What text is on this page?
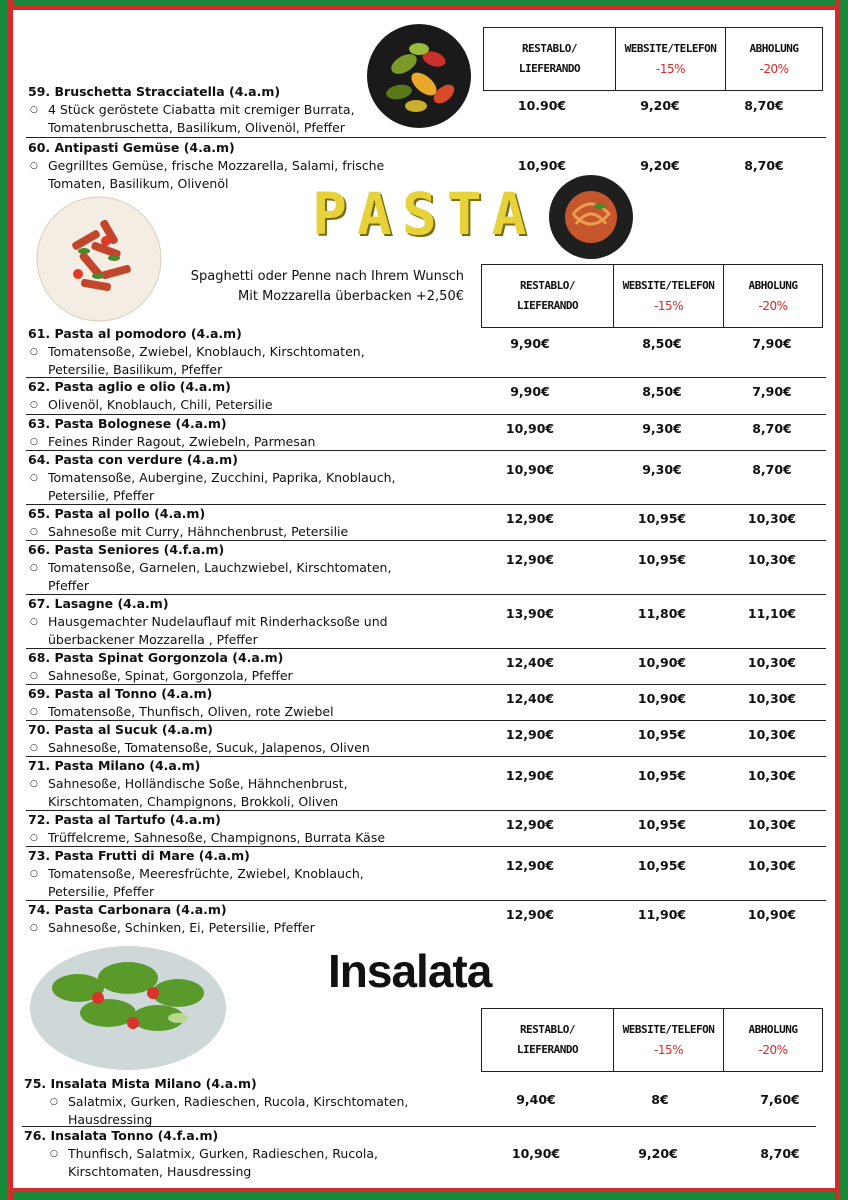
RESTABLO/
LIEFERANDO
WEBSITE/TELEFON
-15%
ABHOLUNG
-20%
59. Bruschetta Stracciatella (4.a.m)
○ 4 Stück geröstete Ciabatta mit cremiger Burrata, Tomatenbruschetta, Basilikum, Olivenöl, Pfeffer
10.90€	9,20€	8,70€
60. Antipasti Gemüse (4.a.m)
○ Gegrilltes Gemüse, frische Mozzarella, Salami, frische Tomaten, Basilikum, Olivenöl
10,90€	9,20€	8,70€
PASTA
Spaghetti oder Penne nach Ihrem Wunsch
Mit Mozzarella überbacken +2,50€
RESTABLO/
LIEFERANDO
WEBSITE/TELEFON
-15%
ABHOLUNG
-20%
61. Pasta al pomodoro (4.a.m)
○ Tomatensoße, Zwiebel, Knoblauch, Kirschtomaten, Petersilie, Basilikum, Pfeffer
9,90€	8,50€	7,90€
62. Pasta aglio e olio (4.a.m)
○ Olivenöl, Knoblauch, Chili, Petersilie
9,90€	8,50€	7,90€
63. Pasta Bolognese (4.a.m)
○ Feines Rinder Ragout, Zwiebeln, Parmesan
10,90€	9,30€	8,70€
64. Pasta con verdure (4.a.m)
○ Tomatensoße, Aubergine, Zucchini, Paprika, Knoblauch, Petersilie, Pfeffer
10,90€	9,30€	8,70€
65. Pasta al pollo (4.a.m)
○ Sahnesoße mit Curry, Hähnchenbrust, Petersilie
12,90€	10,95€	10,30€
66. Pasta Seniores (4.f.a.m)
○ Tomatensoße, Garnelen, Lauchzwiebel, Kirschtomaten, Pfeffer
12,90€	10,95€	10,30€
67. Lasagne (4.a.m)
○ Hausgemachter Nudelauflauf mit Rinderhacksoße und überbackener Mozzarella , Pfeffer
13,90€	11,80€	11,10€
68. Pasta Spinat Gorgonzola (4.a.m)
○ Sahnesoße, Spinat, Gorgonzola, Pfeffer
12,40€	10,90€	10,30€
69. Pasta al Tonno (4.a.m)
○ Tomatensoße, Thunfisch, Oliven, rote Zwiebel
12,40€	10,90€	10,30€
70. Pasta al Sucuk (4.a.m)
○ Sahnesoße, Tomatensoße, Sucuk, Jalapenos, Oliven
12,90€	10,95€	10,30€
71. Pasta Milano (4.a.m)
○ Sahnesoße, Holländische Soße, Hähnchenbrust, Kirschtomaten, Champignons, Brokkoli, Oliven
12,90€	10,95€	10,30€
72. Pasta al Tartufo (4.a.m)
○ Trüffelcreme, Sahnesoße, Champignons, Burrata Käse
12,90€	10,95€	10,30€
73. Pasta Frutti di Mare (4.a.m)
○ Tomatensoße, Meeresfrüchte, Zwiebel, Knoblauch, Petersilie, Pfeffer
12,90€	10,95€	10,30€
74. Pasta Carbonara (4.a.m)
○ Sahnesoße, Schinken, Ei, Petersilie, Pfeffer
12,90€	11,90€	10,90€
Insalata
RESTABLO/
LIEFERANDO
WEBSITE/TELEFON
-15%
ABHOLUNG
-20%
75. Insalata Mista Milano (4.a.m)
○ Salatmix, Gurken, Radieschen, Rucola, Kirschtomaten, Hausdressing
9,40€	8€	7,60€
76. Insalata Tonno (4.f.a.m)
○ Thunfisch, Salatmix, Gurken, Radieschen, Rucola, Kirschtomaten, Hausdressing
10,90€	9,20€	8,70€
